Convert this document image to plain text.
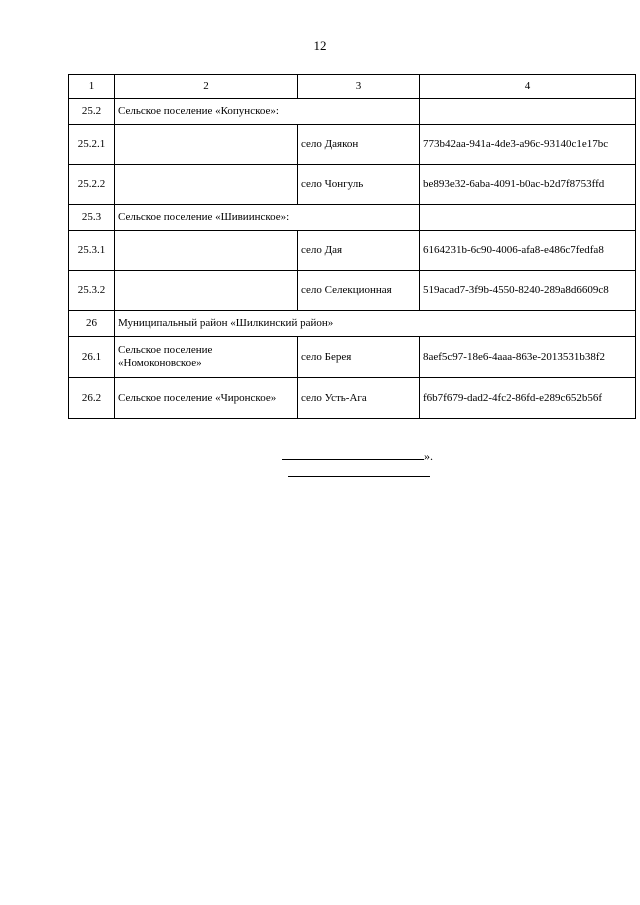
12
1	2	3	4
25.2	Сельское поселение «Копунское»:		
25.2.1		село Даякон	773b42aa-941a-4de3-a96c-93140c1e17bc
25.2.2		село Чонгуль	be893e32-6aba-4091-b0ac-b2d7f8753ffd
25.3	Сельское поселение «Шивиинское»:		
25.3.1		село Дая	6164231b-6c90-4006-afa8-e486c7fedfa8
25.3.2		село Селекционная	519acad7-3f9b-4550-8240-289a8d6609c8
26	Муниципальный район «Шилкинский район»		
26.1	Сельское поселение «Номоконовское»	село Берея	8aef5c97-18e6-4aaa-863e-2013531b38f2
26.2	Сельское поселение «Чиронское»	село Усть-Ага	f6b7f679-dad2-4fc2-86fd-e289c652b56f
».
